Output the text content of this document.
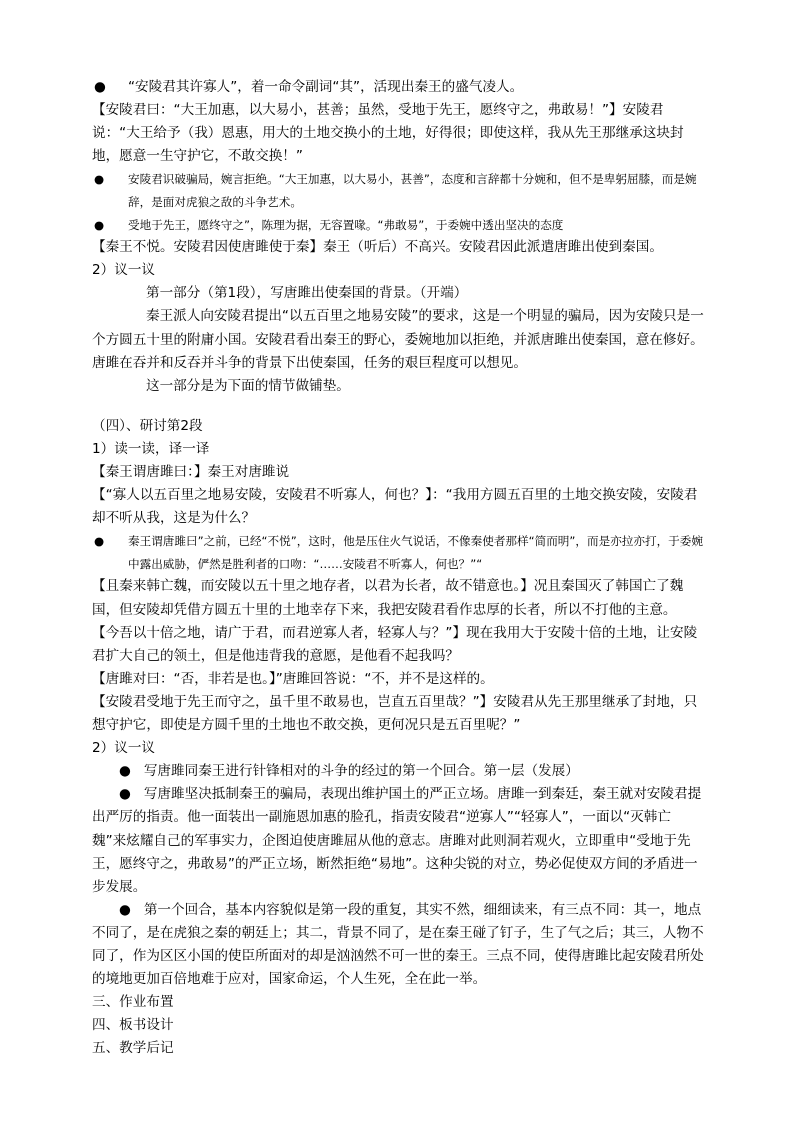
● “安陵君其许寡人”，着一命令副词“其”，活现出秦王的盛气凌人。

【安陵君曰：“大王加惠，以大易小，甚善；虽然，受地于先王，愿终守之，弗敢易！”】安陵君说：“大王给予（我）恩惠，用大的土地交换小的土地，好得很；即使这样，我从先王那继承这块封地，愿意一生守护它，不敢交换！”

● 安陵君识破骗局，婉言拒绝。“大王加惠，以大易小，甚善”，态度和言辞都十分婉和，但不是卑躬屈膝，而是婉辞，是面对虎狼之敌的斗争艺术。

● 受地于先王，愿终守之”，陈理为据，无容置喙。“弗敢易”，于委婉中透出坚决的态度

【秦王不悦。安陵君因使唐雎使于秦】秦王（听后）不高兴。安陵君因此派遣唐雎出使到秦国。

2）议一议

第一部分（第1段），写唐雎出使秦国的背景。（开端）

秦王派人向安陵君提出“以五百里之地易安陵”的要求，这是一个明显的骗局，因为安陵只是一个方圆五十里的附庸小国。安陵君看出秦王的野心，委婉地加以拒绝，并派唐雎出使秦国，意在修好。唐雎在吞并和反吞并斗争的背景下出使秦国，任务的艰巨程度可以想见。

这一部分是为下面的情节做铺垫。

（四）、研讨第2段

1）读一读，译一译

【秦王谓唐雎曰：】秦王对唐雎说

【“寡人以五百里之地易安陵，安陵君不听寡人，何也？】：“我用方圆五百里的土地交换安陵，安陵君却不听从我，这是为什么？

● 秦王谓唐雎曰”之前，已经“不悦”，这时，他是压住火气说话，不像秦使者那样“简而明”，而是亦拉亦打，于委婉中露出威胁，俨然是胜利者的口吻：“……安陵君不听寡人，何也？”“

【且秦来韩亡魏，而安陵以五十里之地存者，以君为长者，故不错意也。】况且秦国灭了韩国亡了魏国，但安陵却凭借方圆五十里的土地幸存下来，我把安陵君看作忠厚的长者，所以不打他的主意。

【今吾以十倍之地，请广于君，而君逆寡人者，轻寡人与？”】现在我用大于安陵十倍的土地，让安陵君扩大自己的领土，但是他违背我的意愿，是他看不起我吗？

【唐雎对曰：“否，非若是也。】”唐雎回答说：“不，并不是这样的。

【安陵君受地于先王而守之，虽千里不敢易也，岂直五百里哉？”】安陵君从先王那里继承了封地，只想守护它，即使是方圆千里的土地也不敢交换，更何况只是五百里呢？”

2）议一议

● 写唐雎同秦王进行针锋相对的斗争的经过的第一个回合。第一层（发展）

● 写唐雎坚决抵制秦王的骗局，表现出维护国土的严正立场。唐雎一到秦廷，秦王就对安陵君提出严厉的指责。他一面装出一副施恩加惠的脸孔，指责安陵君“逆寡人”“轻寡人”，一面以“灭韩亡魏”来炫耀自己的军事实力，企图迫使唐雎屈从他的意志。唐雎对此则洞若观火，立即重申“受地于先王，愿终守之，弗敢易”的严正立场，断然拒绝“易地”。这种尖锐的对立，势必促使双方间的矛盾进一步发展。

● 第一个回合，基本内容貌似是第一段的重复，其实不然，细细读来，有三点不同：其一，地点不同了，是在虎狼之秦的朝廷上；其二，背景不同了，是在秦王碰了钉子，生了气之后；其三，人物不同了，作为区区小国的使臣所面对的却是汹汹然不可一世的秦王。三点不同，使得唐雎比起安陵君所处的境地更加百倍地难于应对，国家命运，个人生死，全在此一举。

三、作业布置

四、板书设计

五、教学后记
